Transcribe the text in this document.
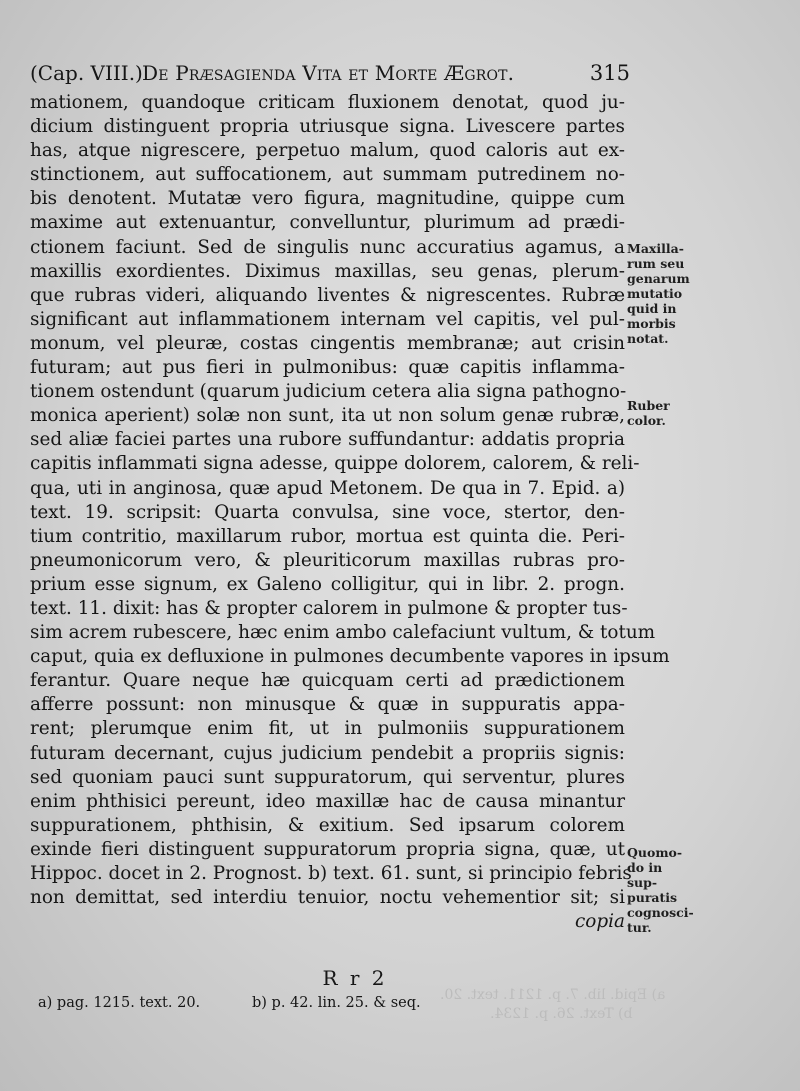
(Cap. VIII.) De Præsagienda Vita et Morte Ægrot.	315
mationem, quandoque criticam fluxionem denotat, quod ju-
dicium distinguent propria utriusque signa. Livescere partes
has, atque nigrescere, perpetuo malum, quod caloris aut ex-
stinctionem, aut suffocationem, aut summam putredinem no-
bis denotent. Mutatæ vero figura, magnitudine, quippe cum
maxime aut extenuantur, convelluntur, plurimum ad prædi-
ctionem faciunt. Sed de singulis nunc accuratius agamus, a
maxillis exordientes. Diximus maxillas, seu genas, plerum-
que rubras videri, aliquando liventes & nigrescentes. Rubræ
significant aut inflammationem internam vel capitis, vel pul-
monum, vel pleuræ, costas cingentis membranæ; aut crisin
futuram; aut pus fieri in pulmonibus: quæ capitis inflamma-
tionem ostendunt (quarum judicium cetera alia signa pathogno-
monica aperient) solæ non sunt, ita ut non solum genæ rubræ,
sed aliæ faciei partes una rubore suffundantur: addatis propria
capitis inflammati signa adesse, quippe dolorem, calorem, & reli-
qua, uti in anginosa, quæ apud Metonem. De qua in 7. Epid. a)
text. 19. scripsit: Quarta convulsa, sine voce, stertor, den-
tium contritio, maxillarum rubor, mortua est quinta die. Peri-
pneumonicorum vero, & pleuriticorum maxillas rubras pro-
prium esse signum, ex Galeno colligitur, qui in libr. 2. progn.
text. 11. dixit: has & propter calorem in pulmone & propter tus-
sim acrem rubescere, hæc enim ambo calefaciunt vultum, & totum
caput, quia ex defluxione in pulmones decumbente vapores in ipsum
ferantur. Quare neque hæ quicquam certi ad prædictionem
afferre possunt: non minusque & quæ in suppuratis appa-
rent; plerumque enim fit, ut in pulmoniis suppurationem
futuram decernant, cujus judicium pendebit a propriis signis:
sed quoniam pauci sunt suppuratorum, qui serventur, plures
enim phthisici pereunt, ideo maxillæ hac de causa minantur
suppurationem, phthisin, & exitium. Sed ipsarum colorem
exinde fieri distinguent suppuratorum propria signa, quæ, ut
Hippoc. docet in 2. Prognost. b) text. 61. sunt, si principio febris
non demittat, sed interdiu tenuior, noctu vehementior sit; si
copia
Maxilla-
rum seu
genarum
mutatio
quid in
morbis
notat.
Ruber
color.
Quomo-
do in sup-
puratis
cognosci-
tur.
R r 2
a) Epid. lib. 7. p. 1211. text. 20.
b) Text. 26. p. 1234.
a) pag. 1215. text. 20.	b) p. 42. lin. 25. & seq.
